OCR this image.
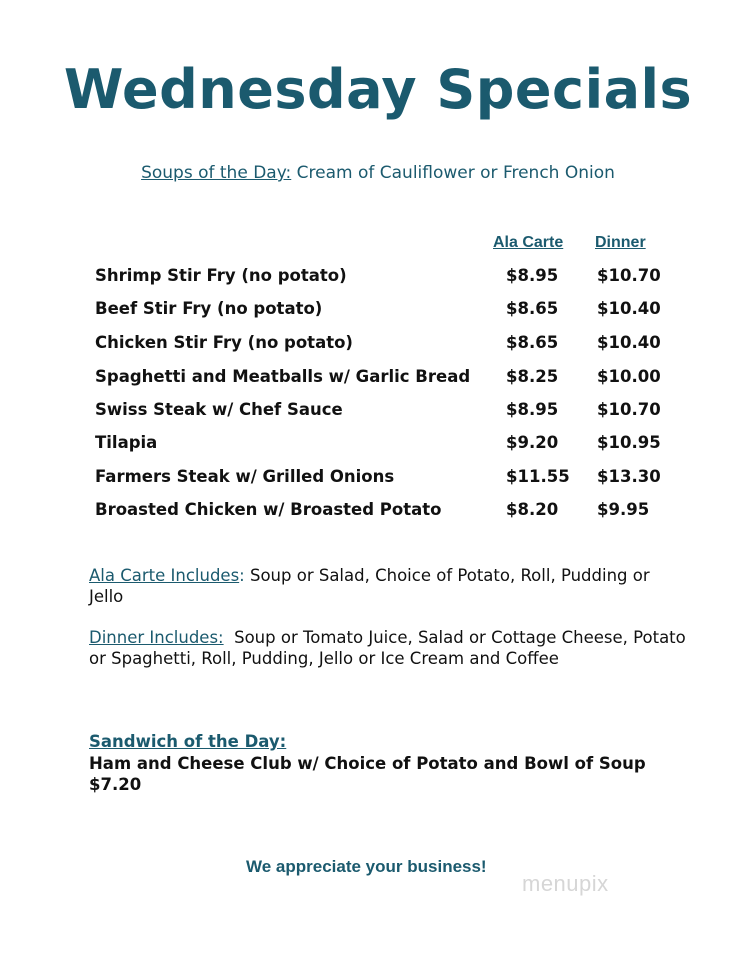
Wednesday Specials
Soups of the Day: Cream of Cauliflower or French Onion
Ala Carte Dinner
Shrimp Stir Fry (no potato)	$8.95 $10.70
Beef Stir Fry (no potato)	$8.65 $10.40
Chicken Stir Fry (no potato)	$8.65 $10.40
Spaghetti and Meatballs w/ Garlic Bread $8.25 $10.00
Swiss Steak w/ Chef Sauce	$8.95 $10.70
Tilapia	$9.20 $10.95
Farmers Steak w/ Grilled Onions	$11.55 $13.30
Broasted Chicken w/ Broasted Potato	$8.20 $9.95
Ala Carte Includes: Soup or Salad, Choice of Potato, Roll, Pudding or Jello
Dinner Includes: Soup or Tomato Juice, Salad or Cottage Cheese, Potato or Spaghetti, Roll, Pudding, Jello or Ice Cream and Coffee
Sandwich of the Day:
Ham and Cheese Club w/ Choice of Potato and Bowl of Soup
$7.20
We appreciate your business!
menupix
